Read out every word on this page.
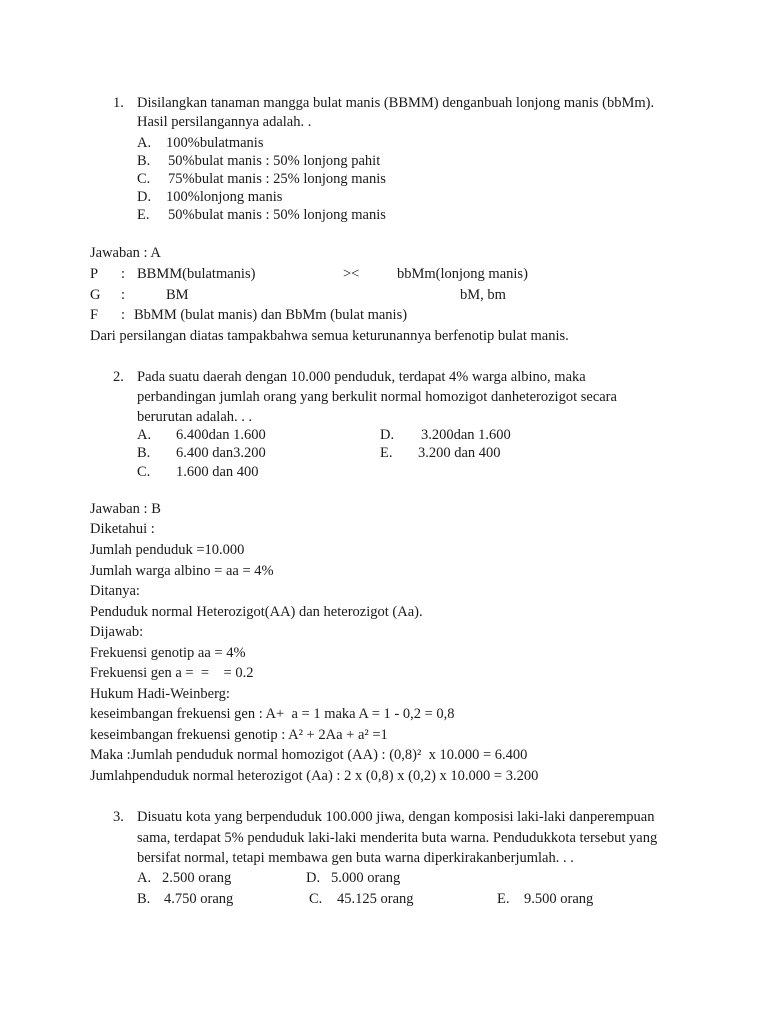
1. Disilangkan tanaman mangga bulat manis (BBMM) denganbuah lonjong manis (bbMm).
Hasil persilangannya adalah. .
A. 100%bulatmanis
B. 50%bulat manis : 50% lonjong pahit
C. 75%bulat manis : 25% lonjong manis
D. 100%lonjong manis
E. 50%bulat manis : 50% lonjong manis
Jawaban : A
P : BBMM(bulatmanis)	><	bbMm(lonjong manis)
G :	BM	bM, bm
F : BbMM (bulat manis) dan BbMm (bulat manis)
Dari persilangan diatas tampakbahwa semua keturunannya berfenotip bulat manis.
2. Pada suatu daerah dengan 10.000 penduduk, terdapat 4% warga albino, maka
perbandingan jumlah orang yang berkulit normal homozigot danheterozigot secara
berurutan adalah. . .
A. 6.400dan 1.600	D. 3.200dan 1.600
B. 6.400 dan3.200	E. 3.200 dan 400
C. 1.600 dan 400
Jawaban : B
Diketahui :
Jumlah penduduk =10.000
Jumlah warga albino = aa = 4%
Ditanya:
Penduduk normal Heterozigot(AA) dan heterozigot (Aa).
Dijawab:
Frekuensi genotip aa = 4%
Frekuensi gen a =  =    = 0.2
Hukum Hadi-Weinberg:
keseimbangan frekuensi gen : A+  a = 1 maka A = 1 - 0,2 = 0,8
keseimbangan frekuensi genotip : A² + 2Aa + a² =1
Maka :Jumlah penduduk normal homozigot (AA) : (0,8)²  x 10.000 = 6.400
Jumlahpenduduk normal heterozigot (Aa) : 2 x (0,8) x (0,2) x 10.000 = 3.200
3. Disuatu kota yang berpenduduk 100.000 jiwa, dengan komposisi laki-laki danperempuan
sama, terdapat 5% penduduk laki-laki menderita buta warna. Pendudukkota tersebut yang
bersifat normal, tetapi membawa gen buta warna diperkirakanberjumlah. . .
A. 2.500 orang	D. 5.000 orang
B. 4.750 orang	C. 45.125 orang	E. 9.500 orang
